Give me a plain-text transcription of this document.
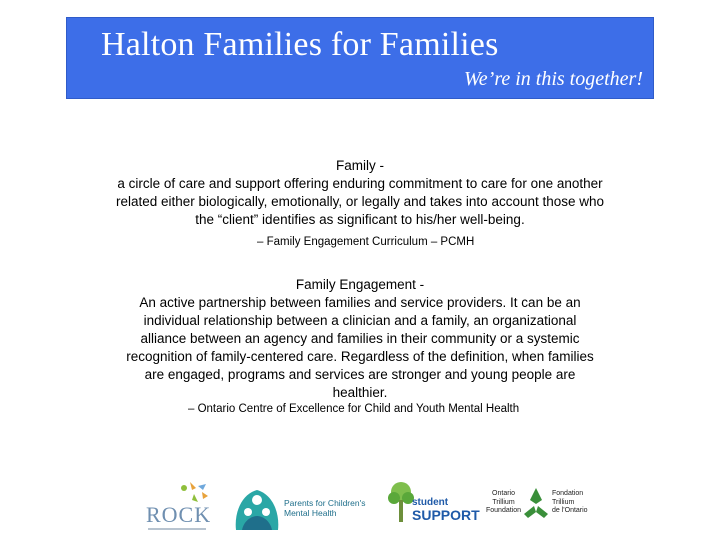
Halton Families for Families
We’re in this together!
Family -
a circle of care and support offering enduring commitment to care for one another
related either biologically, emotionally, or legally and takes into account those who
the “client” identifies as significant to his/her well-being.
– Family Engagement Curriculum – PCMH
Family Engagement -
An active partnership between families and service providers. It can be an
individual relationship between a clinician and a family, an organizational
alliance between an agency and families in their community or a systemic
recognition of family-centered care. Regardless of the definition, when families
are engaged, programs and services are stronger and young people are
healthier.
– Ontario Centre of Excellence for Child and Youth Mental Health
ROCK	Parents for Children's
Mental Health
student
SUPPORT
Ontario
Trillium
Foundation
Fondation
Trillium
de l'Ontario
